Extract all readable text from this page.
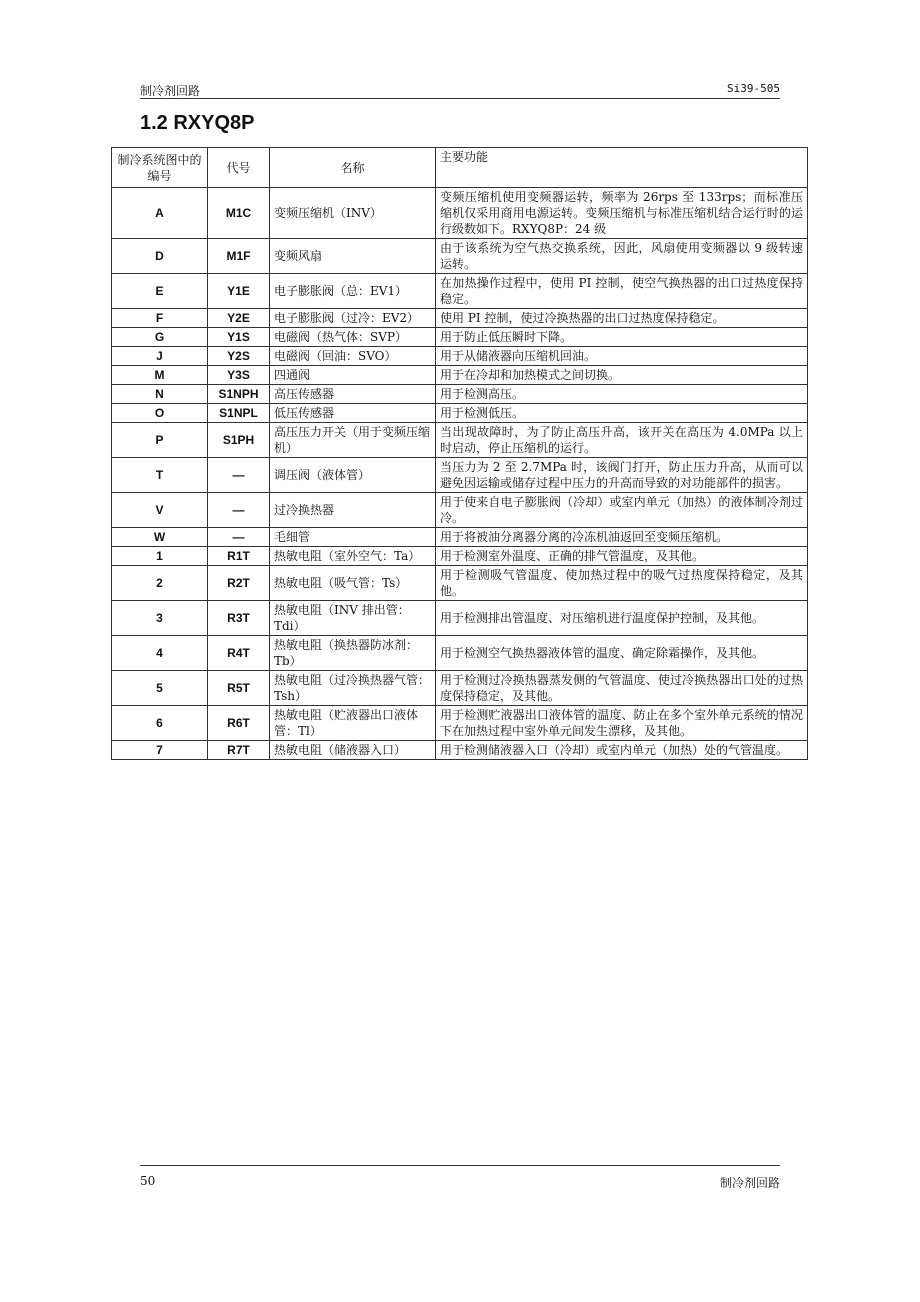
制冷剂回路	Si39-505
1.2 RXYQ8P
制冷系统图中的编号	代号	名称	主要功能
A	M1C	变频压缩机（INV）	变频压缩机使用变频器运转，频率为 26rps 至 133rps；而标准压缩机仅采用商用电源运转。变频压缩机与标准压缩机结合运行时的运行级数如下。RXYQ8P：24 级
D	M1F	变频风扇	由于该系统为空气热交换系统，因此，风扇使用变频器以 9 级转速运转。
E	Y1E	电子膨胀阀（总：EV1）	在加热操作过程中，使用 PI 控制，使空气换热器的出口过热度保持稳定。
F	Y2E	电子膨胀阀（过冷：EV2）	使用 PI 控制，使过冷换热器的出口过热度保持稳定。
G	Y1S	电磁阀（热气体：SVP）	用于防止低压瞬时下降。
J	Y2S	电磁阀（回油：SVO）	用于从储液器向压缩机回油。
M	Y3S	四通阀	用于在冷却和加热模式之间切换。
N	S1NPH	高压传感器	用于检测高压。
O	S1NPL	低压传感器	用于检测低压。
P	S1PH	高压压力开关（用于变频压缩机）	当出现故障时，为了防止高压升高，该开关在高压为 4.0MPa 以上时启动，停止压缩机的运行。
T	—	调压阀（液体管）	当压力为 2 至 2.7MPa 时，该阀门打开，防止压力升高，从而可以避免因运输或储存过程中压力的升高而导致的对功能部件的损害。
V	—	过冷换热器	用于使来自电子膨胀阀（冷却）或室内单元（加热）的液体制冷剂过冷。
W	—	毛细管	用于将被油分离器分离的冷冻机油返回至变频压缩机。
1	R1T	热敏电阻（室外空气：Ta）	用于检测室外温度、正确的排气管温度，及其他。
2	R2T	热敏电阻（吸气管：Ts）	用于检测吸气管温度、使加热过程中的吸气过热度保持稳定，及其他。
3	R3T	热敏电阻（INV 排出管：Tdi）	用于检测排出管温度、对压缩机进行温度保护控制，及其他。
4	R4T	热敏电阻（换热器防冰剂：Tb）	用于检测空气换热器液体管的温度、确定除霜操作，及其他。
5	R5T	热敏电阻（过冷换热器气管：Tsh）	用于检测过冷换热器蒸发侧的气管温度、使过冷换热器出口处的过热度保持稳定，及其他。
6	R6T	热敏电阻（贮液器出口液体管：Tl）	用于检测贮液器出口液体管的温度、防止在多个室外单元系统的情况下在加热过程中室外单元间发生漂移，及其他。
7	R7T	热敏电阻（储液器入口）	用于检测储液器入口（冷却）或室内单元（加热）处的气管温度。
50	制冷剂回路
